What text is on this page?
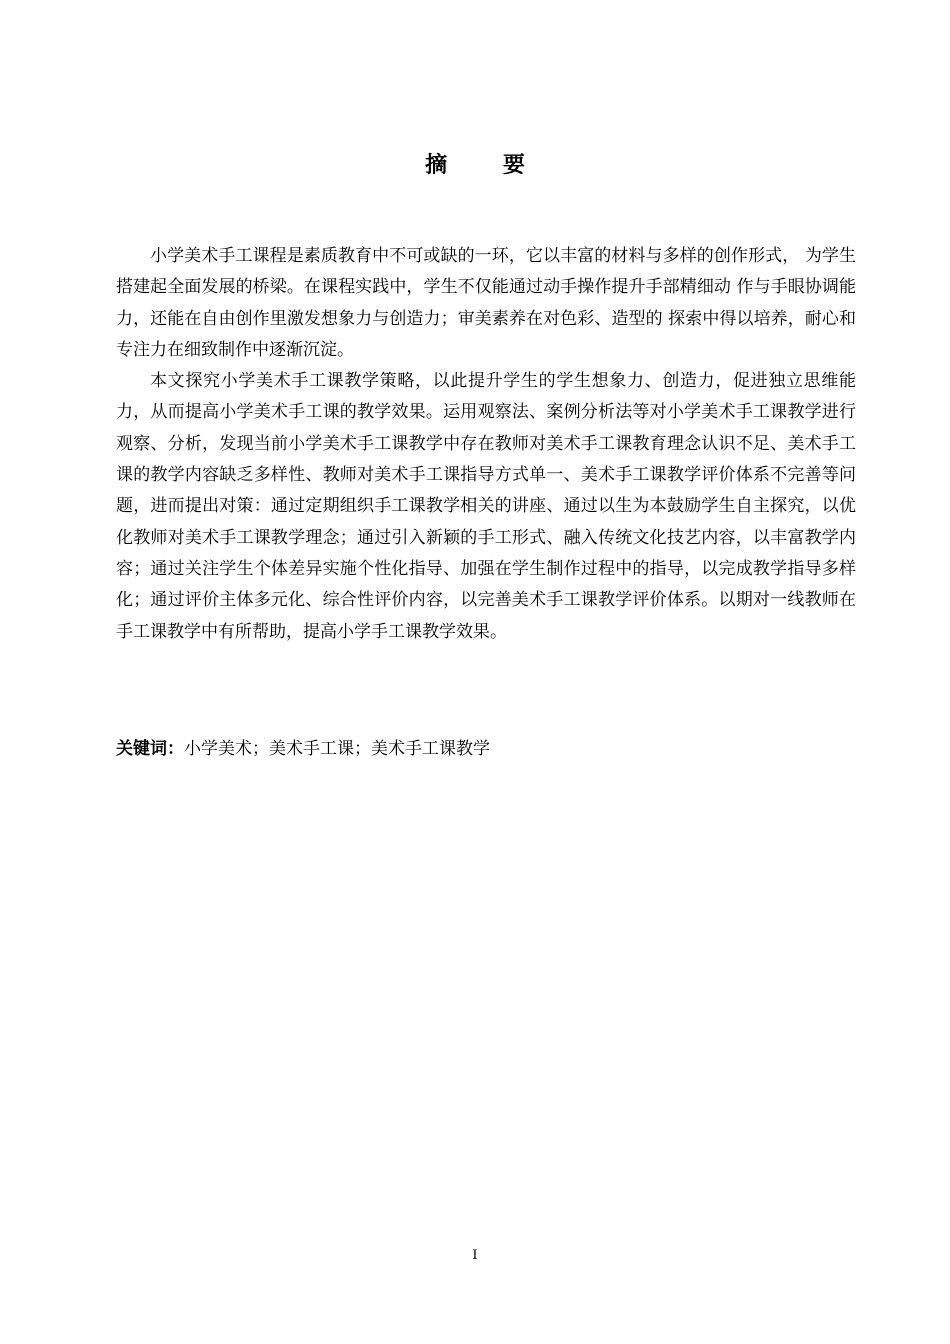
摘 要

小学美术手工课程是素质教育中不可或缺的一环，它以丰富的材料与多样的创作形式， 为学生搭建起全面发展的桥梁。在课程实践中，学生不仅能通过动手操作提升手部精细动 作与手眼协调能力，还能在自由创作里激发想象力与创造力；审美素养在对色彩、造型的 探索中得以培养，耐心和专注力在细致制作中逐渐沉淀。

本文探究小学美术手工课教学策略，以此提升学生的学生想象力、创造力，促进独立思维能力，从而提高小学美术手工课的教学效果。运用观察法、案例分析法等对小学美术手工课教学进行观察、分析，发现当前小学美术手工课教学中存在教师对美术手工课教育理念认识不足、美术手工课的教学内容缺乏多样性、教师对美术手工课指导方式单一、美术手工课教学评价体系不完善等问题，进而提出对策：通过定期组织手工课教学相关的讲座、通过以生为本鼓励学生自主探究，以优化教师对美术手工课教学理念；通过引入新颖的手工形式、融入传统文化技艺内容，以丰富教学内容；通过关注学生个体差异实施个性化指导、加强在学生制作过程中的指导，以完成教学指导多样化；通过评价主体多元化、综合性评价内容，以完善美术手工课教学评价体系。以期对一线教师在手工课教学中有所帮助，提高小学手工课教学效果。

关键词：小学美术；美术手工课；美术手工课教学
I
